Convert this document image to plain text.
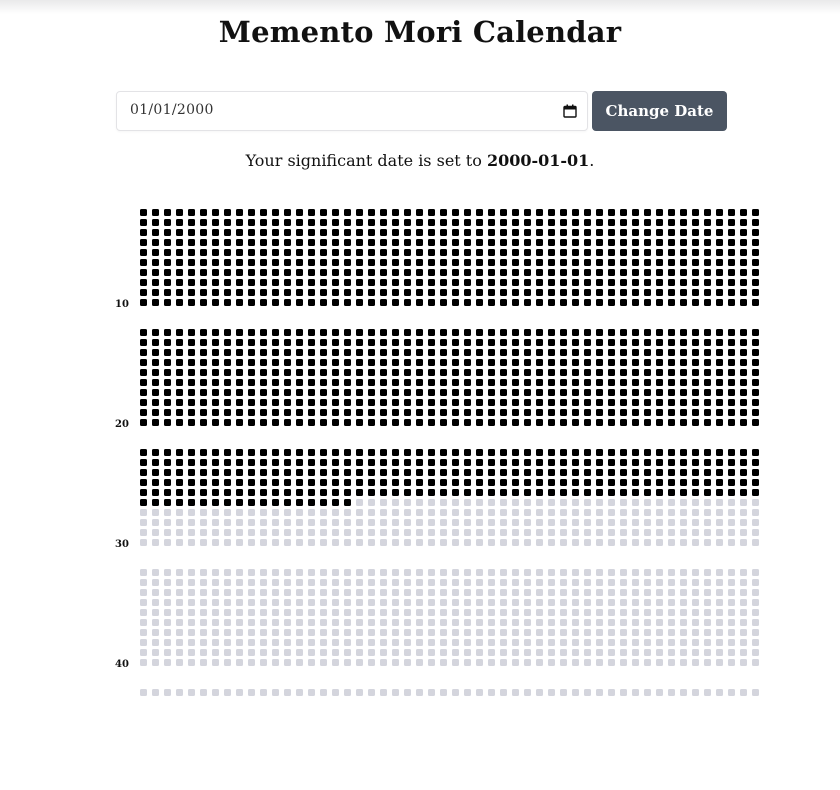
Memento Mori Calendar
01/01/2000	Change Date

Your significant date is set to 2000-01-01.

10
20
30
40
